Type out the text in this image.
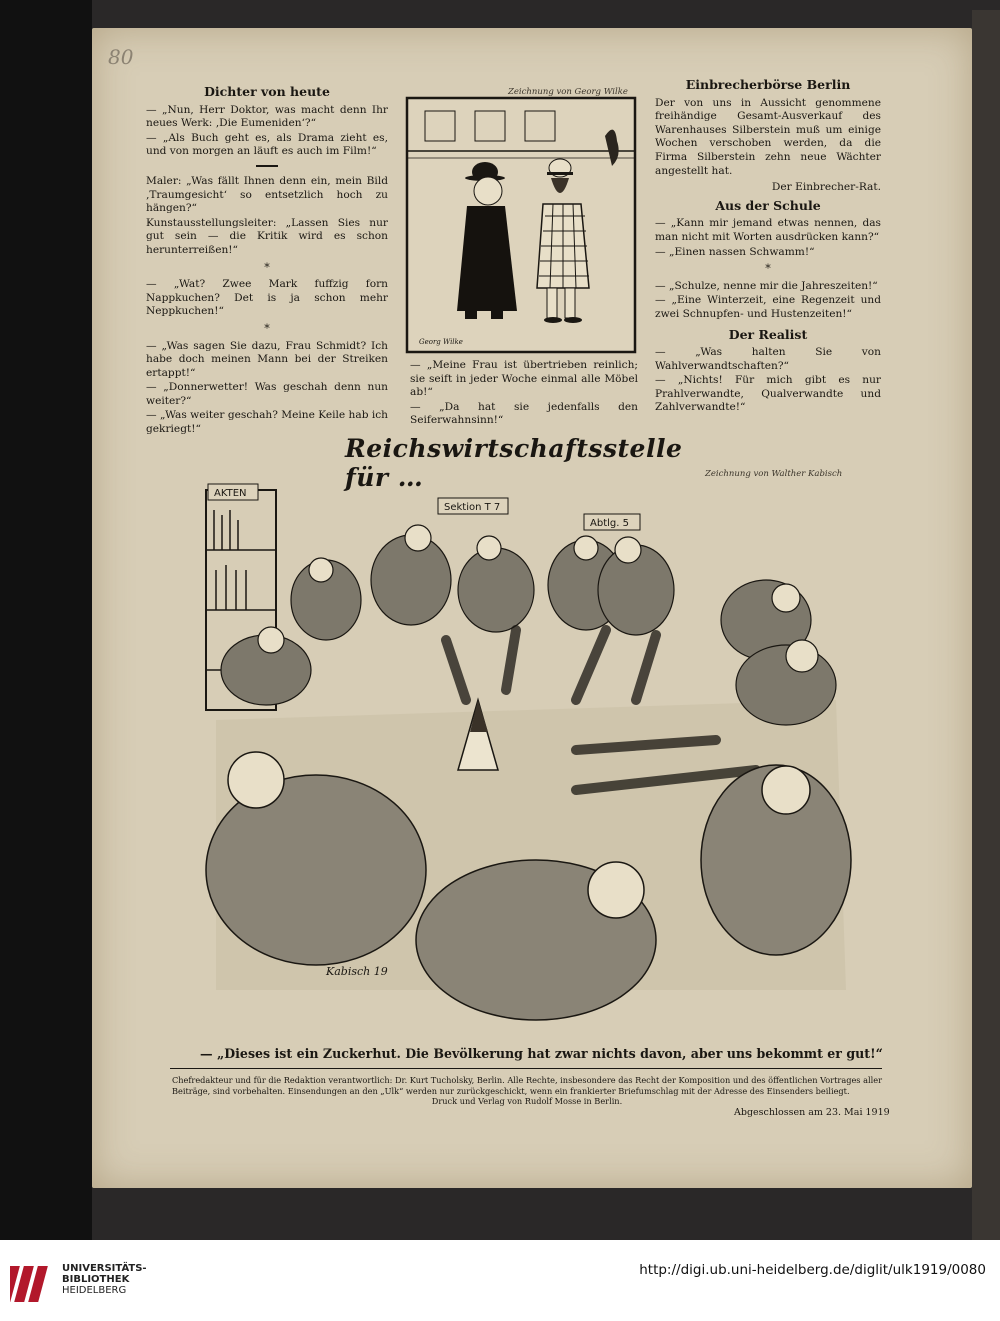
80

Dichter von heute

— „Nun, Herr Doktor, was macht denn Ihr neues Werk: ‚Die Eumeniden‘?“

— „Als Buch geht es, als Drama zieht es, und von morgen an läuft es auch im Film!“

Maler: „Was fällt Ihnen denn ein, mein Bild ‚Traumgesicht‘ so entsetzlich hoch zu hängen?“

Kunstausstellungsleiter: „Lassen Sies nur gut sein — die Kritik wird es schon herunterreißen!“

*

— „Wat? Zwee Mark fuffzig forn Nappkuchen? Det is ja schon mehr Neppkuchen!“

*

— „Was sagen Sie dazu, Frau Schmidt? Ich habe doch meinen Mann bei der Streiken ertappt!“

— „Donnerwetter! Was geschah denn nun weiter?“

— „Was weiter geschah? Meine Keile hab ich gekriegt!“

Zeichnung von Georg Wilke
Georg Wilke

— „Meine Frau ist übertrieben reinlich; sie seift in jeder Woche einmal alle Möbel ab!“

— „Da hat sie jedenfalls den Seiferwahnsinn!“

Einbrecherbörse Berlin

Der von uns in Aussicht genommene freihändige Gesamt-Ausverkauf des Warenhauses Silberstein muß um einige Wochen verschoben werden, da die Firma Silberstein zehn neue Wächter angestellt hat.

Der Einbrecher-Rat.

Aus der Schule

— „Kann mir jemand etwas nennen, das man nicht mit Worten ausdrücken kann?“

— „Einen nassen Schwamm!“

*

— „Schulze, nenne mir die Jahreszeiten!“

— „Eine Winterzeit, eine Regenzeit und zwei Schnupfen- und Hustenzeiten!“

Der Realist

— „Was halten Sie von Wahlverwandtschaften?“

— „Nichts! Für mich gibt es nur Prahlverwandte, Qualverwandte und Zahlverwandte!“

Reichswirtschaftsstelle für …	Zeichnung von Walther Kabisch
AKTEN
Sektion T 7
Abtlg. 5
Kabisch 19
— „Dieses ist ein Zuckerhut. Die Bevölkerung hat zwar nichts davon, aber uns bekommt er gut!“
Chefredakteur und für die Redaktion verantwortlich: Dr. Kurt Tucholsky, Berlin. Alle Rechte, insbesondere das Recht der Komposition und des öffentlichen Vortrages aller Beiträge, sind vorbehalten. Einsendungen an den „Ulk“ werden nur zurückgeschickt, wenn ein frankierter Briefumschlag mit der Adresse des Einsenders beiliegt.
Druck und Verlag von Rudolf Mosse in Berlin.
Abgeschlossen am 23. Mai 1919
UNIVERSITÄTS-
BIBLIOTHEK
HEIDELBERG
http://digi.ub.uni-heidelberg.de/diglit/ulk1919/0080
